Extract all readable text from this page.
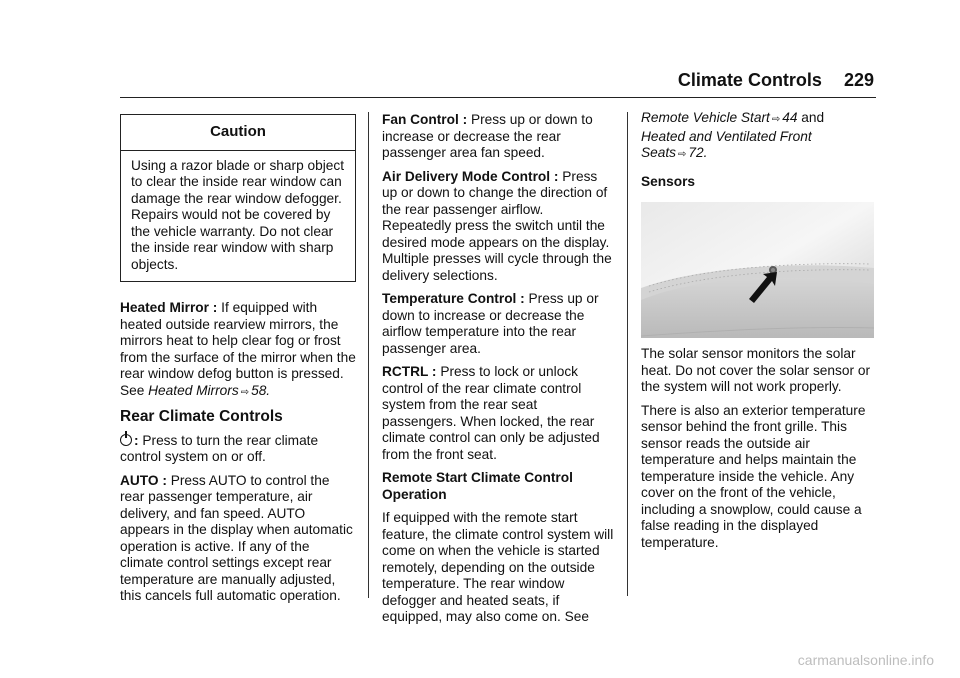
Climate Controls 229
Caution
Using a razor blade or sharp object to clear the inside rear window can damage the rear window defogger. Repairs would not be covered by the vehicle warranty. Do not clear the inside rear window with sharp objects.

Heated Mirror : If equipped with heated outside rearview mirrors, the mirrors heat to help clear fog or frost from the surface of the mirror when the rear window defog button is pressed. See Heated Mirrors ⇨ 58.

Rear Climate Controls

: Press to turn the rear climate control system on or off.

AUTO : Press AUTO to control the rear passenger temperature, air delivery, and fan speed. AUTO appears in the display when automatic operation is active. If any of the climate control settings except rear temperature are manually adjusted, this cancels full automatic operation.

Fan Control : Press up or down to increase or decrease the rear passenger area fan speed.

Air Delivery Mode Control : Press up or down to change the direction of the rear passenger airflow. Repeatedly press the switch until the desired mode appears on the display. Multiple presses will cycle through the delivery selections.

Temperature Control : Press up or down to increase or decrease the airflow temperature into the rear passenger area.

RCTRL : Press to lock or unlock control of the rear climate control system from the rear seat passengers. When locked, the rear climate control can only be adjusted from the front seat.

Remote Start Climate Control Operation

If equipped with the remote start feature, the climate control system will come on when the vehicle is started remotely, depending on the outside temperature. The rear window defogger and heated seats, if equipped, may also come on. See

Remote Vehicle Start ⇨ 44 and
Heated and Ventilated Front Seats ⇨ 72.

Sensors

The solar sensor monitors the solar heat. Do not cover the solar sensor or the system will not work properly.

There is also an exterior temperature sensor behind the front grille. This sensor reads the outside air temperature and helps maintain the temperature inside the vehicle. Any cover on the front of the vehicle, including a snowplow, could cause a false reading in the displayed temperature.

carmanualsonline.info
